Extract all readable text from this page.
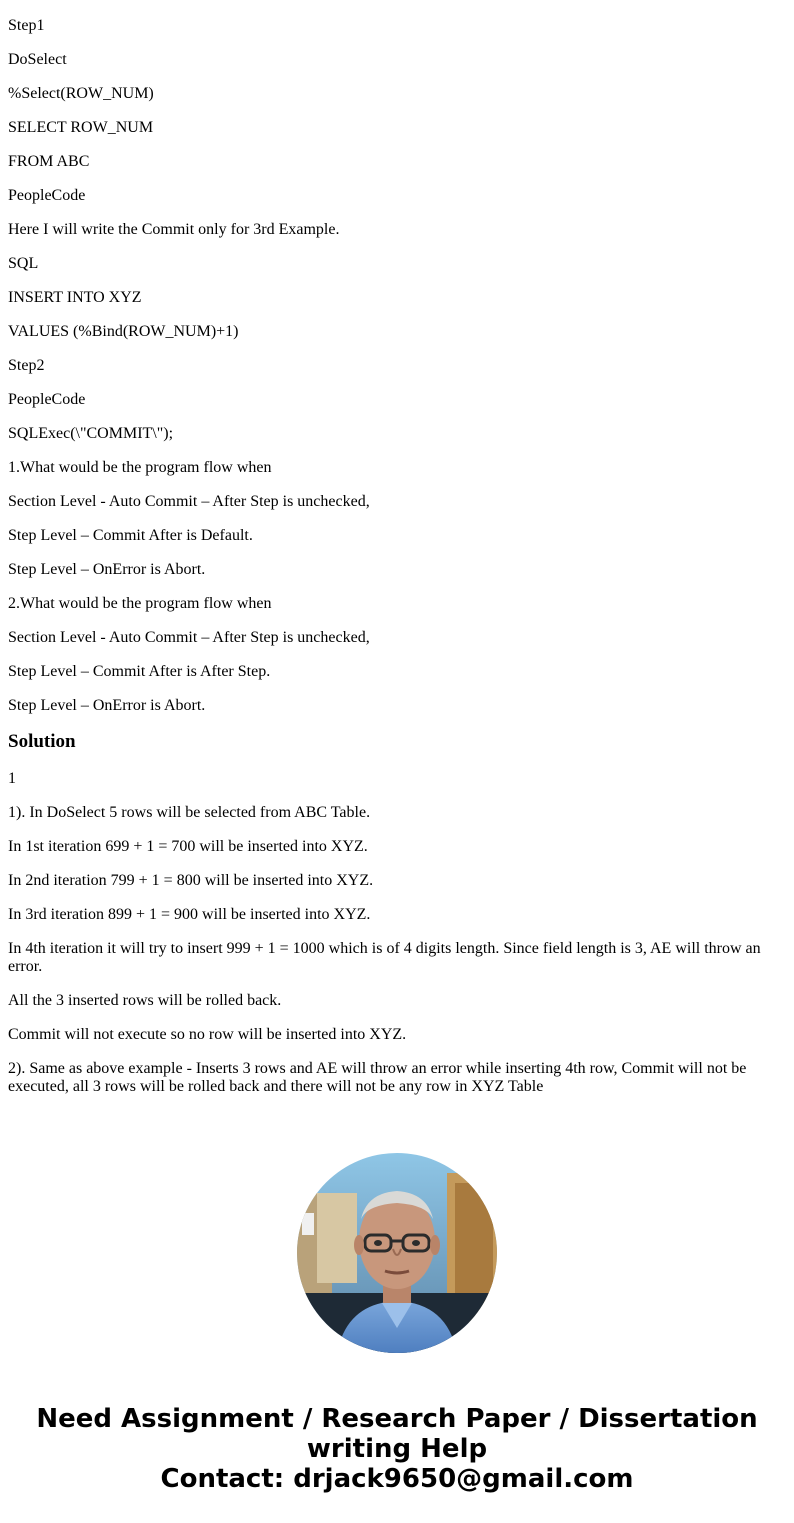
Step1

DoSelect

%Select(ROW_NUM)

SELECT ROW_NUM

FROM ABC

PeopleCode

Here I will write the Commit only for 3rd Example.

SQL

INSERT INTO XYZ

VALUES (%Bind(ROW_NUM)+1)

Step2

PeopleCode

SQLExec(\"COMMIT\");

1.What would be the program flow when

Section Level - Auto Commit – After Step is unchecked,

Step Level – Commit After is Default.

Step Level – OnError is Abort.

2.What would be the program flow when

Section Level - Auto Commit – After Step is unchecked,

Step Level – Commit After is After Step.

Step Level – OnError is Abort.

Solution

1

1). In DoSelect 5 rows will be selected from ABC Table.

In 1st iteration 699 + 1 = 700 will be inserted into XYZ.

In 2nd iteration 799 + 1 = 800 will be inserted into XYZ.

In 3rd iteration 899 + 1 = 900 will be inserted into XYZ.

In 4th iteration it will try to insert 999 + 1 = 1000 which is of 4 digits length. Since field length is 3, AE will throw an error.

All the 3 inserted rows will be rolled back.

Commit will not execute so no row will be inserted into XYZ.

2). Same as above example - Inserts 3 rows and AE will throw an error while inserting 4th row, Commit will not be executed, all 3 rows will be rolled back and there will not be any row in XYZ Table

Need Assignment / Research Paper / Dissertation
writing Help
Contact: drjack9650@gmail.com
